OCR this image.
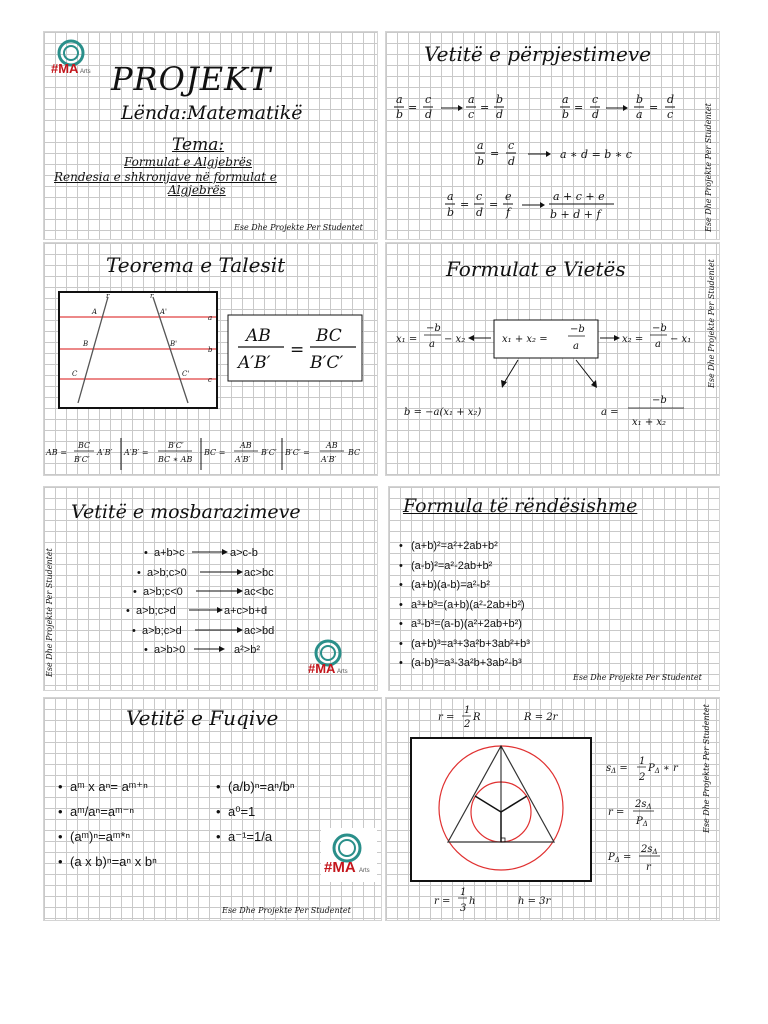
#MA Arts PROJEKT
Lënda:Matematikë
Tema:
Formulat e Algjebrës
Rendesia e shkronjave në formulat e
Algjebrës
Ese Dhe Projekte Per Studentet
Vetitë e përpjestimeve
a
b
=
c
d
a
c
=
b
d
a
b
=
c
d
b
a
=
d
c
a
b
=
c
d
a ∗ d = b ∗ c
a
b
=
c
d
=
e
f
a + c + e
b + d + f	Ese Dhe Projekte Per Studentet
Teorema e Talesit
r	r
A	A'
a
B	B'
b
C	C'
c
AB
A′B′
=
BC
B′C′
AB =
BC
B′C′
A′B′ A′B′ =
B′C′
BC ∗ AB
BC =
AB
A′B′
B′C′ B′C′ =
AB
A′B′
BC
Formulat e Vietës
x₁ =
−b
a − x₂	x₁ + x₂ =
−b
a
x₂ =
−b
a − x₁
b = −a(x₁ + x₂)	a =
−b
x₁ + x₂
Ese Dhe Projekte Per Studentet
Vetitë e mosbarazimeve
• a+b>c	a>c-b
• a>b;c>0	ac>bc
• a>b;c<0	ac<bc
• a>b;c>d	a+c>b+d
• a>b;c>d	ac>bd
• a>b>0	a²>b²
#MA Arts
Ese Dhe Projekte Per Studentet
Formula të rëndësishme
• (a+b)²=a²+2ab+b²
• (a-b)²=a²-2ab+b²
• (a+b)(a-b)=a²-b²
• a³+b³=(a+b)(a²-2ab+b²)
• a³-b³=(a-b)(a²+2ab+b²)
• (a+b)³=a³+3a²b+3ab²+b³
• (a-b)³=a³-3a²b+3ab²-b³
Ese Dhe Projekte Per Studentet
Vetitë e Fuqive
• aᵐ x aⁿ= aᵐ⁺ⁿ
• aᵐ/aⁿ=aᵐ⁻ⁿ
• (aᵐ)ⁿ=aᵐ*ⁿ
• (a x b)ⁿ=aⁿ x bⁿ
• (a/b)ⁿ=aⁿ/bⁿ
• a⁰=1
• a⁻¹=1/a
#MA Arts
Ese Dhe Projekte Per Studentet
r =
1
2
R	R = 2r
$s_\Delta$ =
1
2
$P_\Delta$ ∗ r
r =
$2s_\Delta$
$P_\Delta$
$P_\Delta$ =
$2s_\Delta$
r
r =
1
3
h	h = 3r
Ese Dhe Projekte Per Studentet
